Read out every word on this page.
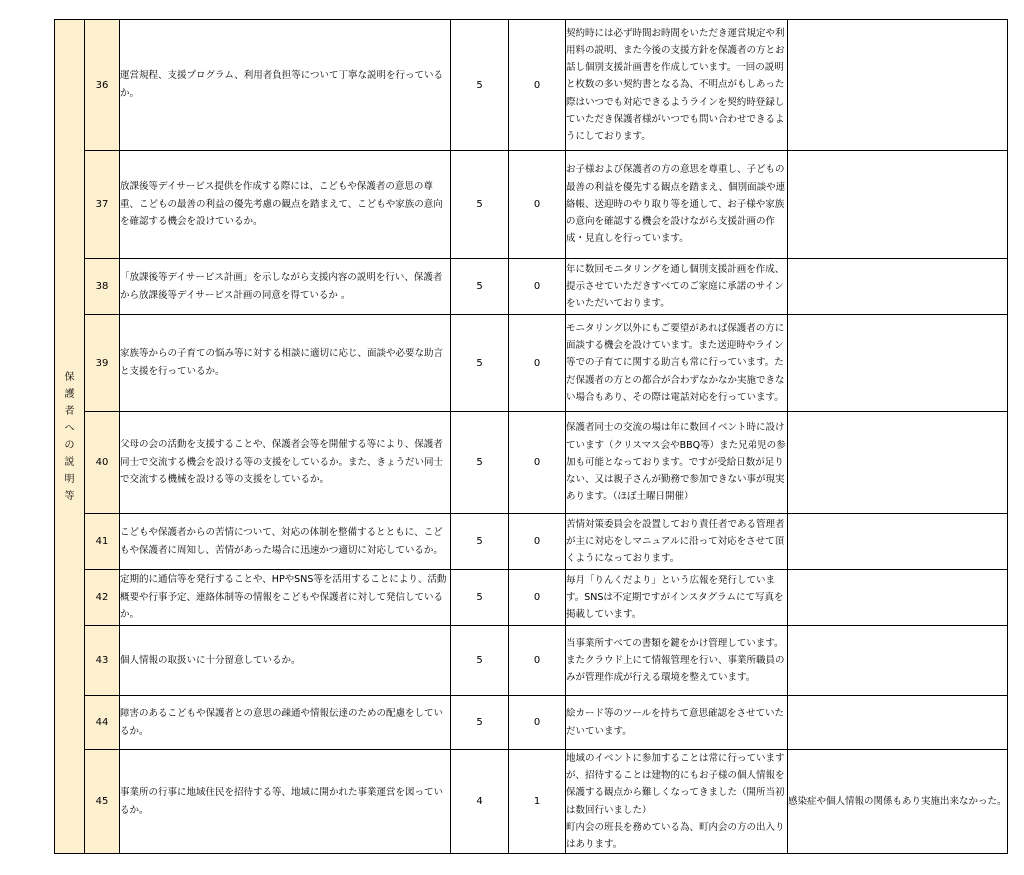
保護者への説明等	36	運営規程、支援プログラム、利用者負担等について丁寧な説明を行っているか。	5	0	契約時には必ず時間お時間をいただき運営規定や利用料の説明、また今後の支援方針を保護者の方とお話し個別支援計画書を作成しています。一回の説明と枚数の多い契約書となる為、不明点がもしあった際はいつでも対応できるようラインを契約時登録していただき保護者様がいつでも問い合わせできるようにしております。	
	37	放課後等デイサービス提供を作成する際には、こどもや保護者の意思の尊重、こどもの最善の利益の優先考慮の観点を踏まえて、こどもや家族の意向を確認する機会を設けているか。	5	0	お子様および保護者の方の意思を尊重し、子どもの最善の利益を優先する観点を踏まえ、個別面談や連絡帳、送迎時のやり取り等を通して、お子様や家族の意向を確認する機会を設けながら支援計画の作成・見直しを行っています。	
	38	「放課後等デイサービス計画」を示しながら支援内容の説明を行い、保護者から放課後等デイサービス計画の同意を得ているか 。	5	0	年に数回モニタリングを通し個別支援計画を作成、提示させていただきすべてのご家庭に承諾のサインをいただいております。	
	39	家族等からの子育ての悩み等に対する相談に適切に応じ、面談や必要な助言と支援を行っているか。	5	0	モニタリング以外にもご要望があれば保護者の方に面談する機会を設けています。また送迎時やライン等での子育てに関する助言も常に行っています。ただ保護者の方との都合が合わずなかなか実施できない場合もあり、その際は電話対応を行っています。	
	40	父母の会の活動を支援することや、保護者会等を開催する等により、保護者同士で交流する機会を設ける等の支援をしているか。また、きょうだい同士で交流する機械を設ける等の支援をしているか。	5	0	保護者同士の交流の場は年に数回イベント時に設けています（クリスマス会やBBQ等）また兄弟児の参加も可能となっております。ですが受給日数が足りない、又は親子さんが勤務で参加できない事が現実あります。（ほぼ土曜日開催）	
	41	こどもや保護者からの苦情について、対応の体制を整備するとともに、こどもや保護者に周知し、苦情があった場合に迅速かつ適切に対応しているか。	5	0	苦情対策委員会を設置しており責任者である管理者が主に対応をしマニュアルに沿って対応をさせて頂くようになっております。	
	42	定期的に通信等を発行することや、HPやSNS等を活用することにより、活動概要や行事予定、連絡体制等の情報をこどもや保護者に対して発信しているか。	5	0	毎月「りんくだより」という広報を発行しています。SNSは不定期ですがインスタグラムにて写真を掲載しています。	
	43	個人情報の取扱いに十分留意しているか。	5	0	当事業所すべての書類を鍵をかけ管理しています。またクラウド上にて情報管理を行い、事業所職員のみが管理作成が行える環境を整えています。	
	44	障害のあるこどもや保護者との意思の疎通や情報伝達のための配慮をしているか。	5	0	絵カード等のツールを持ちて意思確認をさせていただいています。	
	45	事業所の行事に地域住民を招待する等、地域に開かれた事業運営を図っているか。	4	1	地域のイベントに参加することは常に行っていますが、招待することは建物的にもお子様の個人情報を保護する観点から難しくなってきました（開所当初は数回行いました）
町内会の班長を務めている為、町内会の方の出入りはあります。	感染症や個人情報の関係もあり実施出来なかった。
